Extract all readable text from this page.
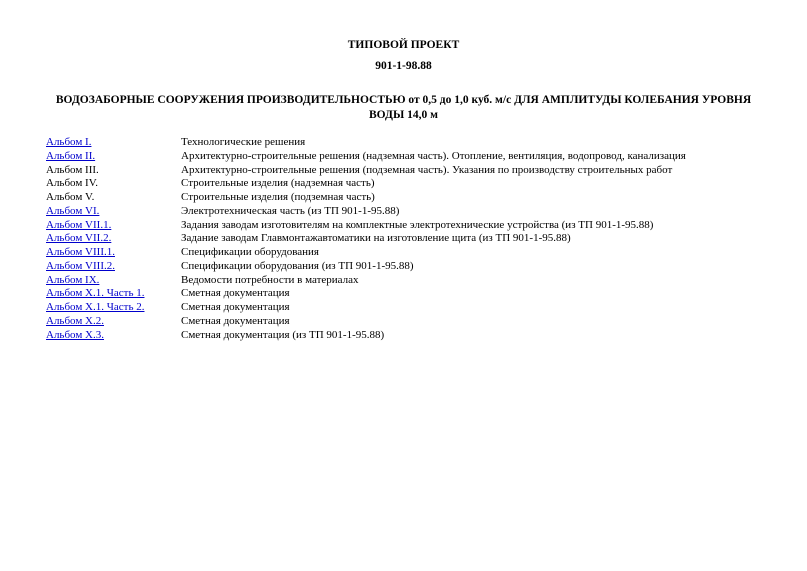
ТИПОВОЙ ПРОЕКТ
901-1-98.88
ВОДОЗАБОРНЫЕ СООРУЖЕНИЯ ПРОИЗВОДИТЕЛЬНОСТЬЮ от 0,5 до 1,0 куб. м/с ДЛЯ АМПЛИТУДЫ КОЛЕБАНИЯ УРОВНЯ ВОДЫ 14,0 м
Альбом I.	Технологические решения
Альбом II.	Архитектурно-строительные решения (надземная часть). Отопление, вентиляция, водопровод, канализация
Альбом III.	Архитектурно-строительные решения (подземная часть). Указания по производству строительных работ
Альбом IV.	Строительные изделия (надземная часть)
Альбом V.	Строительные изделия (подземная часть)
Альбом VI.	Электротехническая часть (из ТП 901-1-95.88)
Альбом VII.1.	Задания заводам изготовителям на комплектные электротехнические устройства (из ТП 901-1-95.88)
Альбом VII.2.	Задание заводам Главмонтажавтоматики на изготовление щита (из ТП 901-1-95.88)
Альбом VIII.1.	Спецификации оборудования
Альбом VIII.2.	Спецификации оборудования (из ТП 901-1-95.88)
Альбом IX.	Ведомости потребности в материалах
Альбом X.1. Часть 1.	Сметная документация
Альбом X.1. Часть 2.	Сметная документация
Альбом X.2.	Сметная документация
Альбом X.3.	Сметная документация (из ТП 901-1-95.88)
